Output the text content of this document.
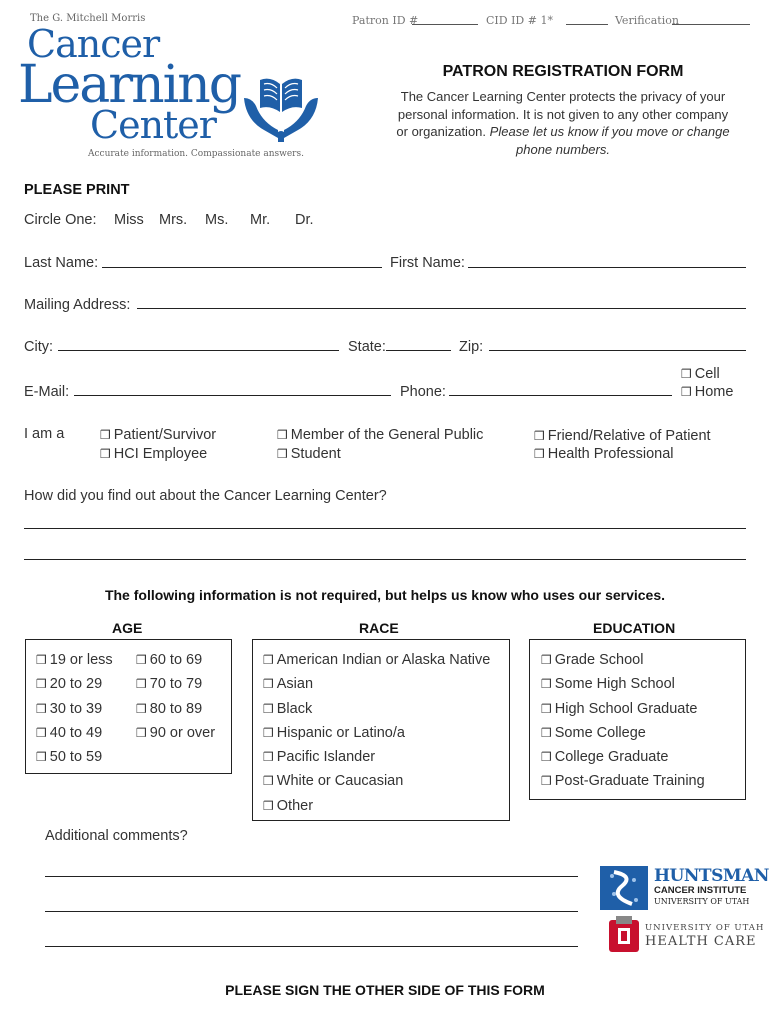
The G. Mitchell Morris
Cancer
Learning
Center
Accurate information. Compassionate answers.
Patron ID #	CID ID # 1*	Verification
PATRON REGISTRATION FORM
The Cancer Learning Center protects the privacy of your personal information. It is not given to any other company or organization. Please let us know if you move or change phone numbers.
PLEASE PRINT
Circle One: Miss Mrs. Ms. Mr. Dr.
Last Name:	First Name:
Mailing Address:
City:	State:	Zip:
E-Mail:	Phone:
❒ Cell
❒ Home
I am a	❒ Patient/Survivor
❒ HCI Employee
❒ Member of the General Public
❒ Student
❒ Friend/Relative of Patient
❒ Health Professional
How did you find out about the Cancer Learning Center?
The following information is not required, but helps us know who uses our services.
AGE	RACE	EDUCATION
❒ 19 or less
❒ 20 to 29
❒ 30 to 39
❒ 40 to 49
❒ 50 to 59
❒ 60 to 69
❒ 70 to 79
❒ 80 to 89
❒ 90 or over
❒ American Indian or Alaska Native
❒ Asian
❒ Black
❒ Hispanic or Latino/a
❒ Pacific Islander
❒ White or Caucasian
❒ Other
❒ Grade School
❒ Some High School
❒ High School Graduate
❒ Some College
❒ College Graduate
❒ Post-Graduate Training
Additional comments?
HUNTSMAN
CANCER INSTITUTE
UNIVERSITY OF UTAH
UNIVERSITY OF UTAH
HEALTH CARE
PLEASE SIGN THE OTHER SIDE OF THIS FORM
